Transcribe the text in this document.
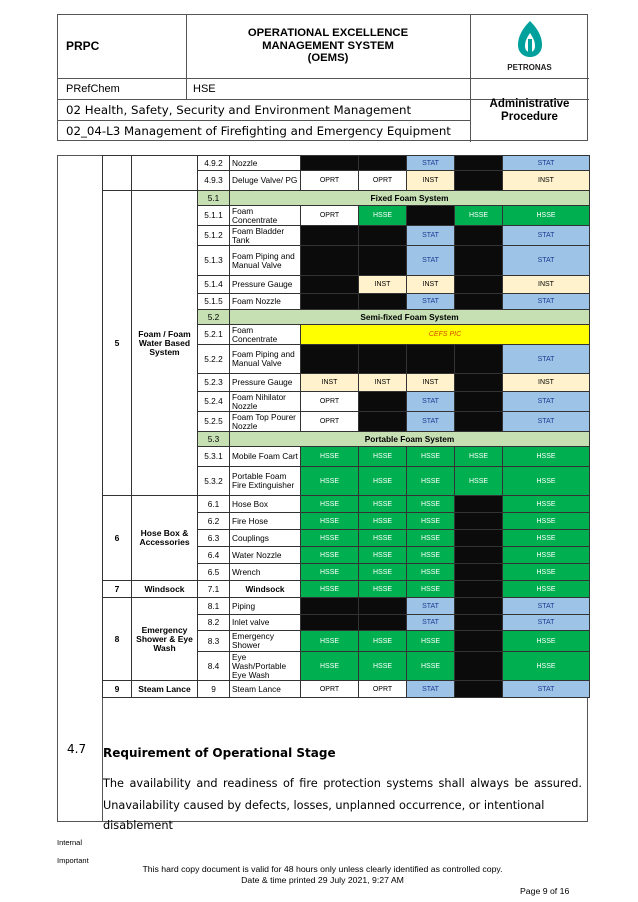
PRPC
OPERATIONAL EXCELLENCE
MANAGEMENT SYSTEM
(OEMS)
PETRONAS
PRefChem	HSE
02 Health, Safety, Security and Environment Management	Administrative
Procedure
02_04-L3 Management of Firefighting and Emergency Equipment
		4.9.2	Nozzle			STAT		STAT
		4.9.3	Deluge Valve/ PG	OPRT	OPRT	INST		INST
5	Foam / Foam Water Based System	5.1	Fixed Foam System					
		5.1.1	Foam Concentrate	OPRT	HSSE		HSSE	HSSE
		5.1.2	Foam Bladder Tank			STAT		STAT
		5.1.3	Foam Piping and Manual Valve			STAT		STAT
		5.1.4	Pressure Gauge		INST	INST		INST
		5.1.5	Foam Nozzle			STAT		STAT
		5.2	Semi-fixed Foam System					
		5.2.1	Foam Concentrate	CEFS PIC				
		5.2.2	Foam Piping and Manual Valve					STAT
		5.2.3	Pressure Gauge	INST	INST	INST		INST
		5.2.4	Foam Nihilator Nozzle	OPRT		STAT		STAT
		5.2.5	Foam Top Pourer Nozzle	OPRT		STAT		STAT
		5.3	Portable Foam System					
		5.3.1	Mobile Foam Cart	HSSE	HSSE	HSSE	HSSE	HSSE
		5.3.2	Portable Foam Fire Extinguisher	HSSE	HSSE	HSSE	HSSE	HSSE
6	Hose Box & Accessories	6.1	Hose Box	HSSE	HSSE	HSSE		HSSE
		6.2	Fire Hose	HSSE	HSSE	HSSE		HSSE
		6.3	Couplings	HSSE	HSSE	HSSE		HSSE
		6.4	Water Nozzle	HSSE	HSSE	HSSE		HSSE
		6.5	Wrench	HSSE	HSSE	HSSE		HSSE
7	Windsock	7.1	Windsock	HSSE	HSSE	HSSE		HSSE
8	Emergency Shower & Eye Wash	8.1	Piping			STAT		STAT
		8.2	Inlet valve			STAT		STAT
		8.3	Emergency Shower	HSSE	HSSE	HSSE		HSSE
		8.4	Eye Wash/Portable Eye Wash	HSSE	HSSE	HSSE		HSSE
9	Steam Lance	9	Steam Lance	OPRT	OPRT	STAT		STAT
4.7 Requirement of Operational Stage
The availability and readiness of fire protection systems shall always be assured.
Unavailability caused by defects, losses, unplanned occurrence, or intentional disablement
Internal
Important
This hard copy document is valid for 48 hours only unless clearly identified as controlled copy.
Date & time printed 29 July 2021, 9:27 AM
Page 9 of 16
